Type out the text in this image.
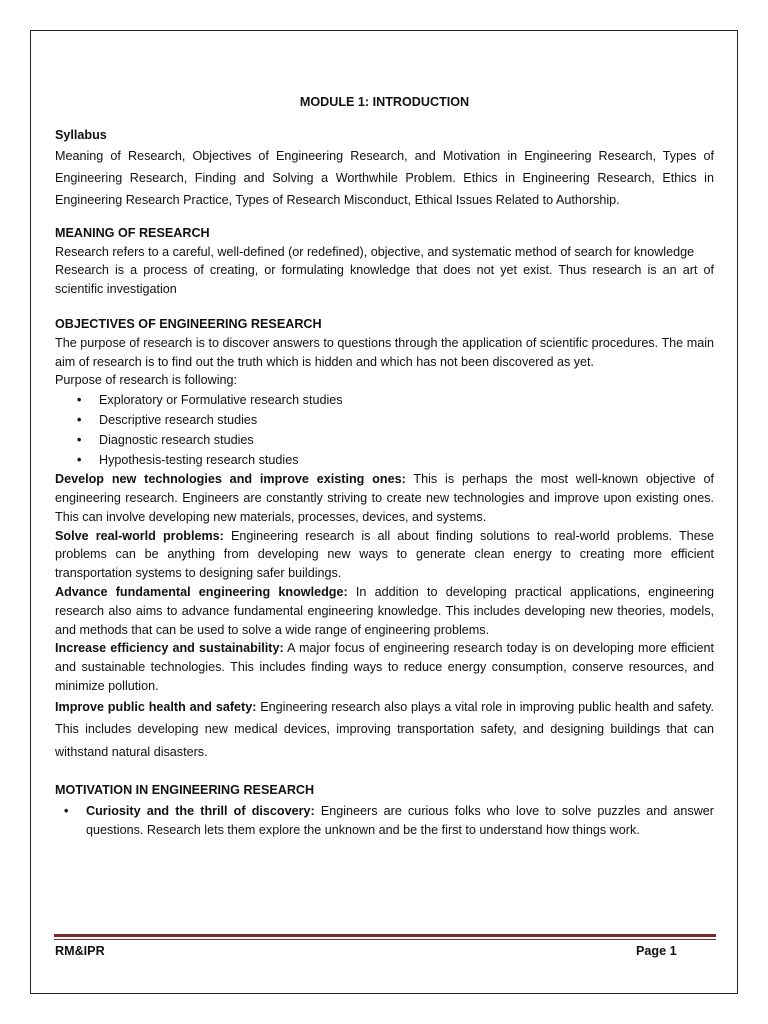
MODULE 1: INTRODUCTION

Syllabus

Meaning of Research, Objectives of Engineering Research, and Motivation in Engineering Research, Types of Engineering Research, Finding and Solving a Worthwhile Problem. Ethics in Engineering Research, Ethics in Engineering Research Practice, Types of Research Misconduct, Ethical Issues Related to Authorship.

MEANING OF RESEARCH

Research refers to a careful, well-defined (or redefined), objective, and systematic method of search for knowledge

Research is a process of creating, or formulating knowledge that does not yet exist. Thus research is an art of scientific investigation

OBJECTIVES OF ENGINEERING RESEARCH

The purpose of research is to discover answers to questions through the application of scientific procedures. The main aim of research is to find out the truth which is hidden and which has not been discovered as yet.

Purpose of research is following:

• Exploratory or Formulative research studies
• Descriptive research studies
• Diagnostic research studies
• Hypothesis-testing research studies

Develop new technologies and improve existing ones: This is perhaps the most well-known objective of engineering research. Engineers are constantly striving to create new technologies and improve upon existing ones. This can involve developing new materials, processes, devices, and systems.

Solve real-world problems: Engineering research is all about finding solutions to real-world problems. These problems can be anything from developing new ways to generate clean energy to creating more efficient transportation systems to designing safer buildings.

Advance fundamental engineering knowledge: In addition to developing practical applications, engineering research also aims to advance fundamental engineering knowledge. This includes developing new theories, models, and methods that can be used to solve a wide range of engineering problems.

Increase efficiency and sustainability: A major focus of engineering research today is on developing more efficient and sustainable technologies. This includes finding ways to reduce energy consumption, conserve resources, and minimize pollution.

Improve public health and safety: Engineering research also plays a vital role in improving public health and safety. This includes developing new medical devices, improving transportation safety, and designing buildings that can withstand natural disasters.

MOTIVATION IN ENGINEERING RESEARCH

• Curiosity and the thrill of discovery: Engineers are curious folks who love to solve puzzles and answer questions. Research lets them explore the unknown and be the first to understand how things work.
RM&IPR	Page 1
